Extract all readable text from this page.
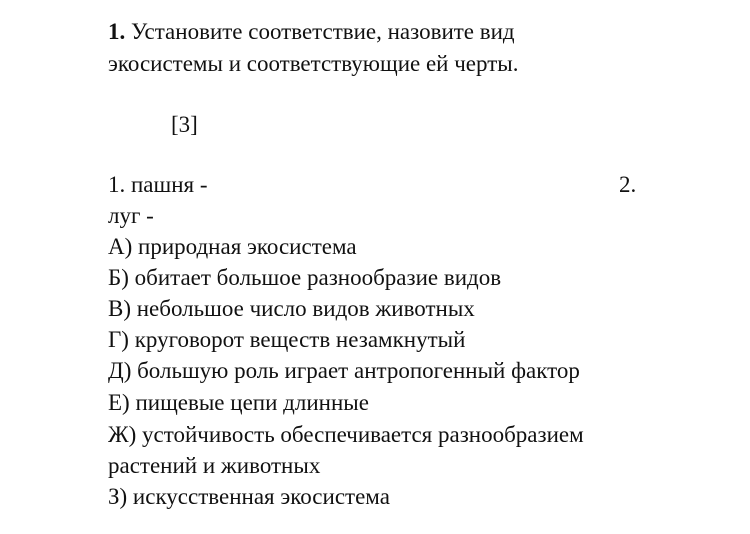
1. Установите соответствие, назовите вид
экосистемы и соответствующие ей черты.
[3]
1. пашня -	2.
луг -
А) природная экосистема
Б) обитает большое разнообразие видов
В) небольшое число видов животных
Г) круговорот веществ незамкнутый
Д) большую роль играет антропогенный фактор
Е) пищевые цепи длинные
Ж) устойчивость обеспечивается разнообразием
растений и животных
З) искусственная экосистема
